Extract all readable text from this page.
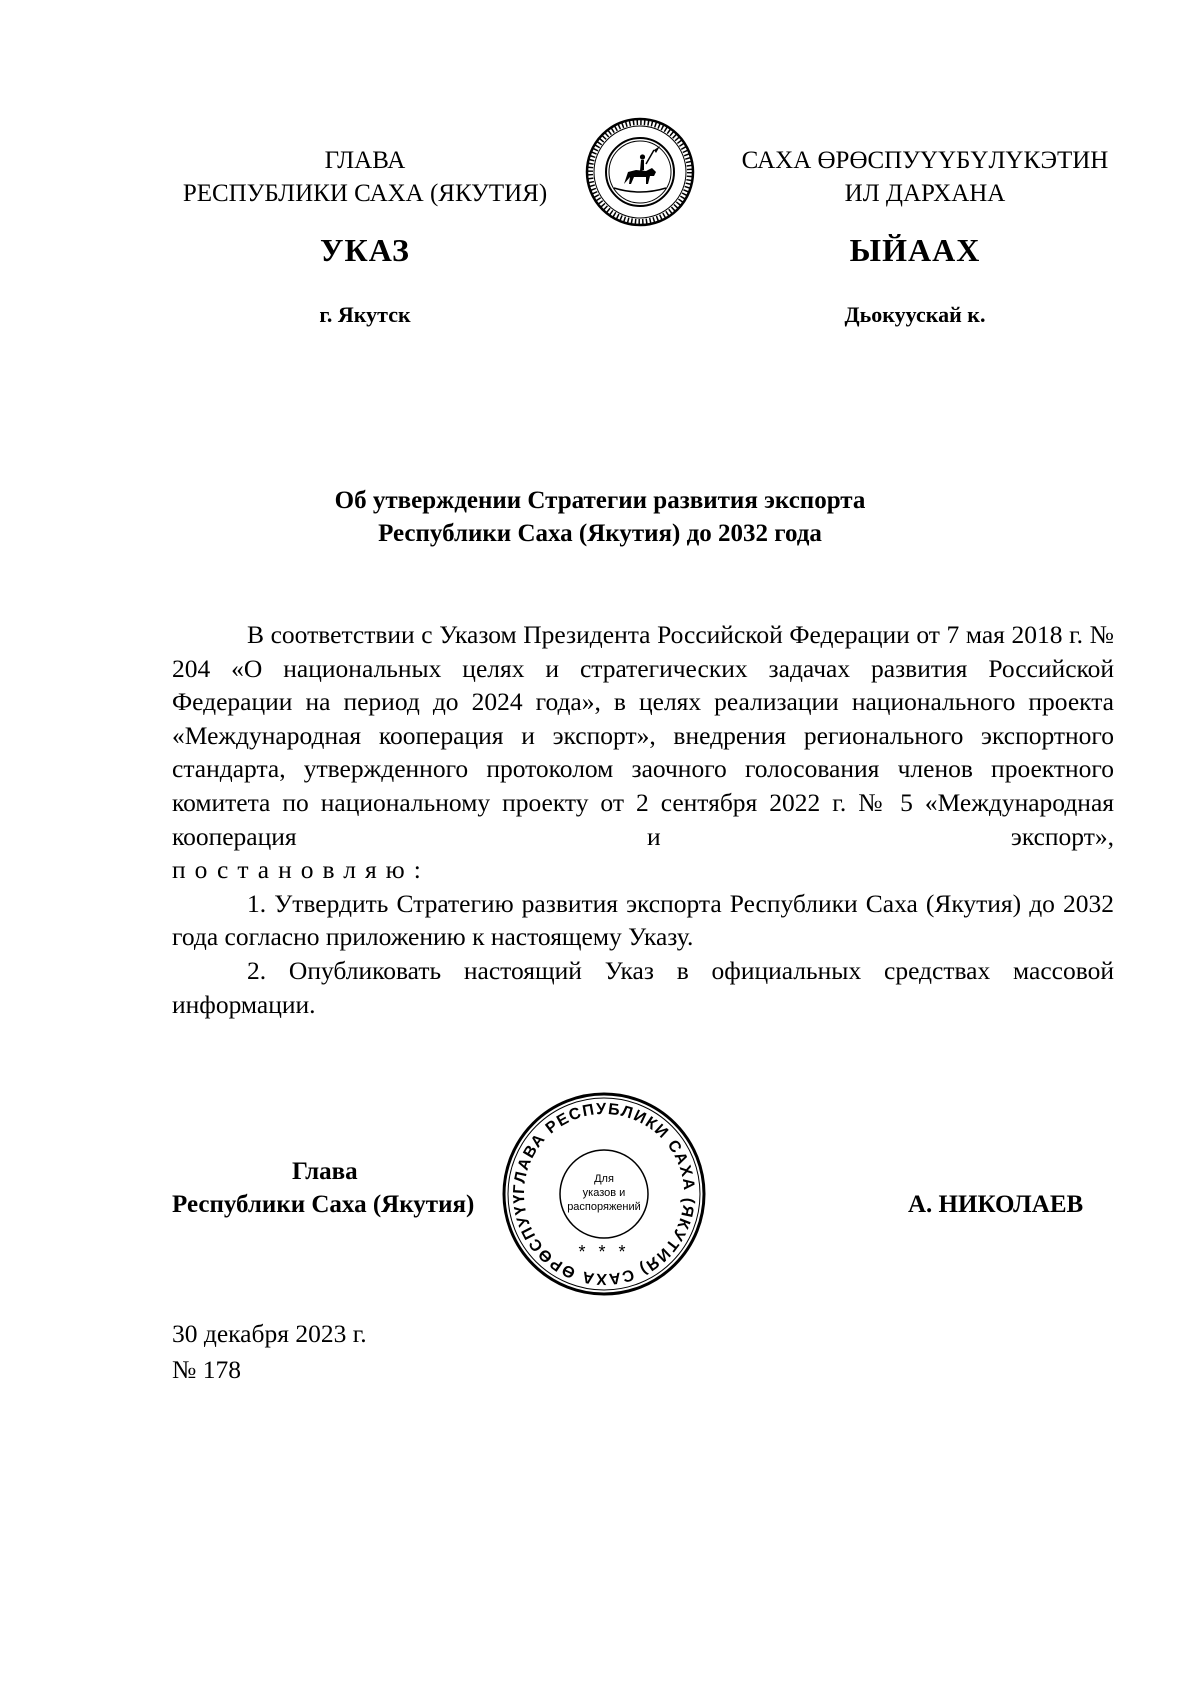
ГЛАВА
РЕСПУБЛИКИ САХА (ЯКУТИЯ)
САХА ӨРӨСПУҮҮБҮЛҮКЭТИН
ИЛ ДАРХАНА
УКАЗ	ЫЙААХ
г. Якутск	Дьокуускай к.
Об утверждении Стратегии развития экспорта
Республики Саха (Якутия) до 2032 года

В соответствии с Указом Президента Российской Федерации от 7 мая 2018 г. № 204 «О национальных целях и стратегических задачах развития Российской Федерации на период до 2024 года», в целях реализации национального проекта «Международная кооперация и экспорт», внедрения регионального экспортного стандарта, утвержденного протоколом заочного голосования членов проектного комитета по национальному проекту от 2 сентября 2022 г. № 5 «Международная кооперация и экспорт»,

постановляю:

1. Утвердить Стратегию развития экспорта Республики Саха (Якутия) до 2032 года согласно приложению к настоящему Указу.

2. Опубликовать настоящий Указ в официальных средствах массовой информации.

Глава
Республики Саха (Якутия)	А. НИКОЛАЕВ
ГЛАВА РЕСПУБЛИКИ САХА (ЯКУТИЯ) САХА ӨРӨСПУҮҮ
Для
указов и
распоряжений
* * *
30 декабря 2023 г.
№ 178
